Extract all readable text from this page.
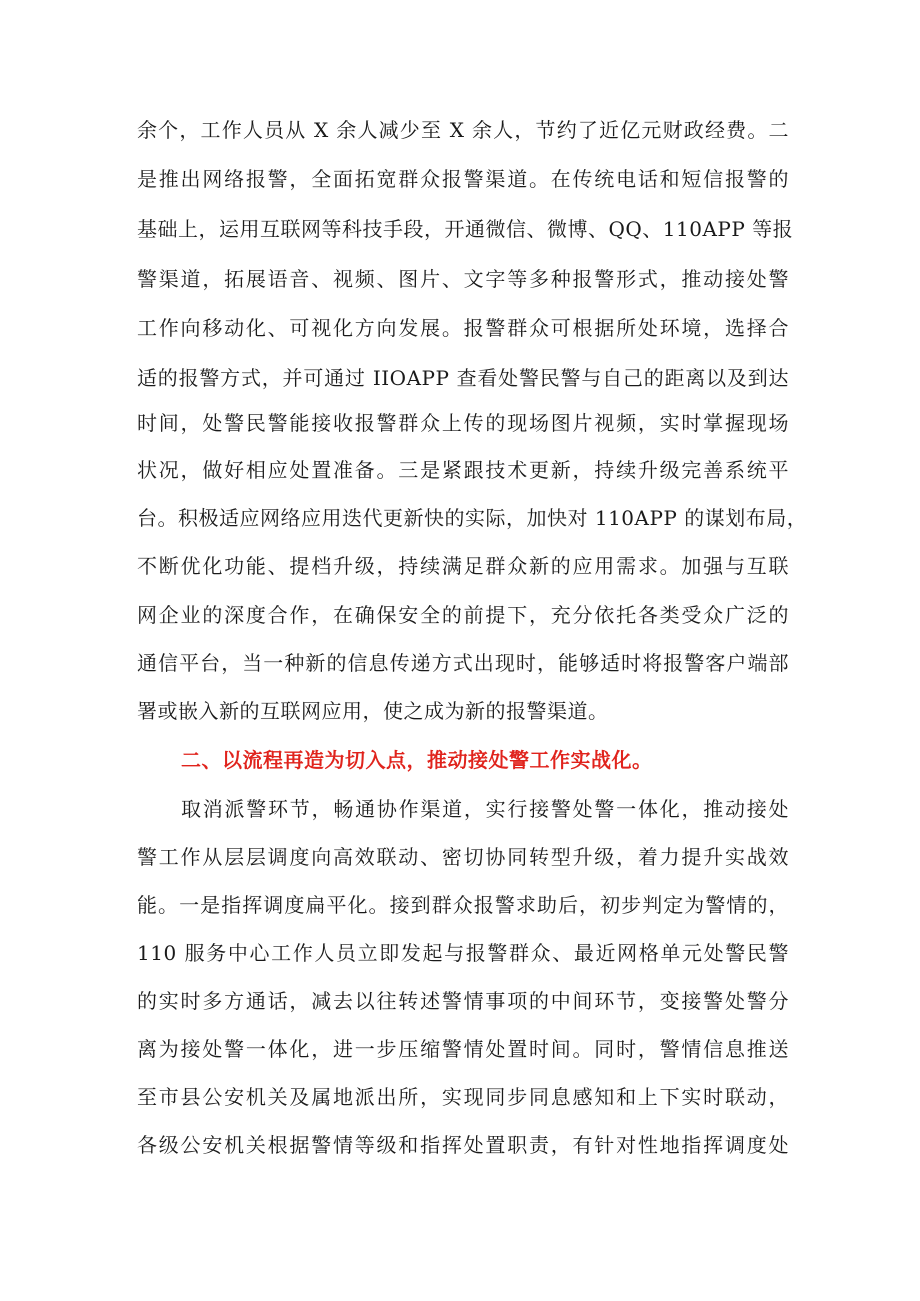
余个，工作人员从 X 余人减少至 X 余人，节约了近亿元财政经费。二
是推出网络报警，全面拓宽群众报警渠道。在传统电话和短信报警的
基础上，运用互联网等科技手段，开通微信、微博、QQ、110APP 等报
警渠道，拓展语音、视频、图片、文字等多种报警形式，推动接处警
工作向移动化、可视化方向发展。报警群众可根据所处环境，选择合
适的报警方式，并可通过 IIOAPP 查看处警民警与自己的距离以及到达
时间，处警民警能接收报警群众上传的现场图片视频，实时掌握现场
状况，做好相应处置准备。三是紧跟技术更新，持续升级完善系统平
台。积极适应网络应用迭代更新快的实际，加快对 110APP 的谋划布局，
不断优化功能、提档升级，持续满足群众新的应用需求。加强与互联
网企业的深度合作，在确保安全的前提下，充分依托各类受众广泛的
通信平台，当一种新的信息传递方式出现时，能够适时将报警客户端部
署或嵌入新的互联网应用，使之成为新的报警渠道。
二、以流程再造为切入点，推动接处警工作实战化。
取消派警环节，畅通协作渠道，实行接警处警一体化，推动接处
警工作从层层调度向高效联动、密切协同转型升级，着力提升实战效
能。一是指挥调度扁平化。接到群众报警求助后，初步判定为警情的，
110 服务中心工作人员立即发起与报警群众、最近网格单元处警民警
的实时多方通话，减去以往转述警情事项的中间环节，变接警处警分
离为接处警一体化，进一步压缩警情处置时间。同时，警情信息推送
至市县公安机关及属地派出所，实现同步同息感知和上下实时联动，
各级公安机关根据警情等级和指挥处置职责，有针对性地指挥调度处
